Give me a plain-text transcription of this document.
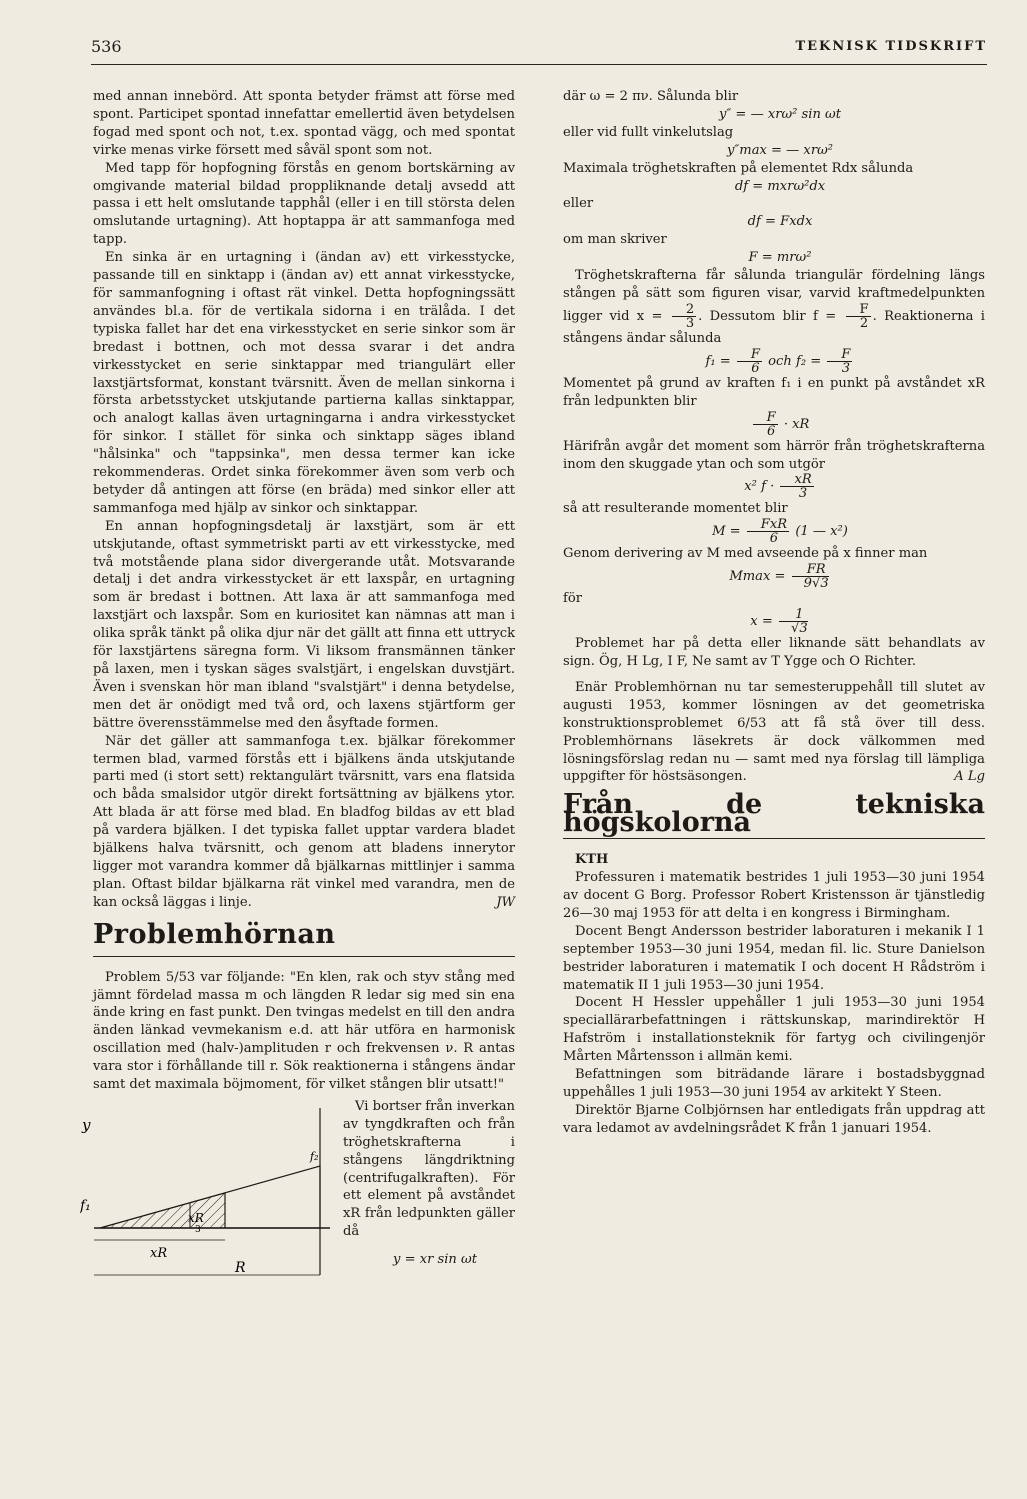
536	TEKNISK TIDSKRIFT

med annan innebörd. Att sponta betyder främst att förse med spont. Participet spontad innefattar emellertid även betydelsen fogad med spont och not, t.ex. spontad vägg, och med spontat virke menas virke försett med såväl spont som not.

Med tapp för hopfogning förstås en genom bortskärning av omgivande material bildad proppliknande detalj avsedd att passa i ett helt omslutande tapphål (eller i en till största delen omslutande urtagning). Att hoptappa är att sammanfoga med tapp.

En sinka är en urtagning i (ändan av) ett virkesstycke, passande till en sinktapp i (ändan av) ett annat virkesstycke, för sammanfogning i oftast rät vinkel. Detta hopfogningssätt användes bl.a. för de vertikala sidorna i en trälåda. I det typiska fallet har det ena virkesstycket en serie sinkor som är bredast i bottnen, och mot dessa svarar i det andra virkesstycket en serie sinktappar med triangulärt eller laxstjärtsformat, konstant tvärsnitt. Även de mellan sinkorna i första arbetsstycket utskjutande partierna kallas sinktappar, och analogt kallas även urtagningarna i andra virkesstycket för sinkor. I stället för sinka och sinktapp säges ibland "hålsinka" och "tappsinka", men dessa termer kan icke rekommenderas. Ordet sinka förekommer även som verb och betyder då antingen att förse (en bräda) med sinkor eller att sammanfoga med hjälp av sinkor och sinktappar.

En annan hopfogningsdetalj är laxstjärt, som är ett utskjutande, oftast symmetriskt parti av ett virkesstycke, med två motstående plana sidor divergerande utåt. Motsvarande detalj i det andra virkesstycket är ett laxspår, en urtagning som är bredast i bottnen. Att laxa är att sammanfoga med laxstjärt och laxspår. Som en kuriositet kan nämnas att man i olika språk tänkt på olika djur när det gällt att finna ett uttryck för laxstjärtens säregna form. Vi liksom fransmännen tänker på laxen, men i tyskan säges svalstjärt, i engelskan duvstjärt. Även i svenskan hör man ibland "svalstjärt" i denna betydelse, men det är onödigt med två ord, och laxens stjärtform ger bättre överensstämmelse med den åsyftade formen.

När det gäller att sammanfoga t.ex. bjälkar förekommer termen blad, varmed förstås ett i bjälkens ända utskjutande parti med (i stort sett) rektangulärt tvärsnitt, vars ena flatsida och båda smalsidor utgör direkt fortsättning av bjälkens ytor. Att blada är att förse med blad. En bladfog bildas av ett blad på vardera bjälken. I det typiska fallet upptar vardera bladet bjälkens halva tvärsnitt, och genom att bladens innerytor ligger mot varandra kommer då bjälkarnas mittlinjer i samma plan. Oftast bildar bjälkarna rät vinkel med varandra, men de kan också läggas i linje.	JW

Problemhörnan

Problem 5/53 var följande: "En klen, rak och styv stång med jämnt fördelad massa m och längden R ledar sig med sin ena ände kring en fast punkt. Den tvingas medelst en till den andra änden länkad vevmekanism e.d. att här utföra en harmonisk oscillation med (halv-)amplituden r och frekvensen ν. R antas vara stor i förhållande till r. Sök reaktionerna i stångens ändar samt det maximala böjmoment, för vilket stången blir utsatt!"

y
f₁
f₂
xR
3
xR
R

Vi bortser från inverkan av tyngdkraften och från tröghetskrafterna i stångens längdriktning (centrifugalkraften). För ett element på avståndet xR från ledpunkten gäller då

y = xr sin ωt

där ω = 2 πν. Sålunda blir

y″ = — xrω² sin ωt

eller vid fullt vinkelutslag

y″max = — xrω²

Maximala tröghetskraften på elementet Rdx sålunda

df = mxrω²dx

eller

df = Fxdx

om man skriver

F = mrω²

Tröghetskrafterna får sålunda triangulär fördelning längs stången på sätt som figuren visar, varvid kraftmedelpunkten ligger vid $x = \frac{2}{3}$ . Dessutom blir $f = \frac{F}{2}$ . Reaktionerna i stångens ändar sålunda

$f_1 = \frac{F}{6}$ och $f_2 = \frac{F}{3}$

Momentet på grund av kraften f₁ i en punkt på avståndet xR från ledpunkten blir

$\frac{F}{6}$ · xR

Härifrån avgår det moment som härrör från tröghetskrafterna inom den skuggade ytan och som utgör

x² $f \cdot \frac{xR}{3}$

så att resulterande momentet blir

$M = \frac{\text{FxR}}{6} (1$ — x²)

Genom derivering av M med avseende på x finner man

$Mmax = \frac{FR}{9√3}$

för

$x = \frac{1}{√3}$

Problemet har på detta eller liknande sätt behandlats av sign. Ög, H Lg, I F, Ne samt av T Ygge och O Richter.

Enär Problemhörnan nu tar semesteruppehåll till slutet av augusti 1953, kommer lösningen av det geometriska konstruktionsproblemet 6/53 att få stå över till dess. Problemhörnans läsekrets är dock välkommen med lösningsförslag redan nu — samt med nya förslag till lämpliga uppgifter för höstsäsongen.	A Lg

Från de tekniska högskolorna

KTH

Professuren i matematik bestrides 1 juli 1953—30 juni 1954 av docent G Borg. Professor Robert Kristensson är tjänstledig 26—30 maj 1953 för att delta i en kongress i Birmingham.

Docent Bengt Andersson bestrider laboraturen i mekanik I 1 september 1953—30 juni 1954, medan fil. lic. Sture Danielson bestrider laboraturen i matematik I och docent H Rådström i matematik II 1 juli 1953—30 juni 1954.

Docent H Hessler uppehåller 1 juli 1953—30 juni 1954 speciallärarbefattningen i rättskunskap, marindirektör H Hafström i installationsteknik för fartyg och civilingenjör Mårten Mårtensson i allmän kemi.

Befattningen som biträdande lärare i bostadsbyggnad uppehålles 1 juli 1953—30 juni 1954 av arkitekt Y Steen.

Direktör Bjarne Colbjörnsen har entledigats från uppdrag att vara ledamot av avdelningsrådet K från 1 januari 1954.
